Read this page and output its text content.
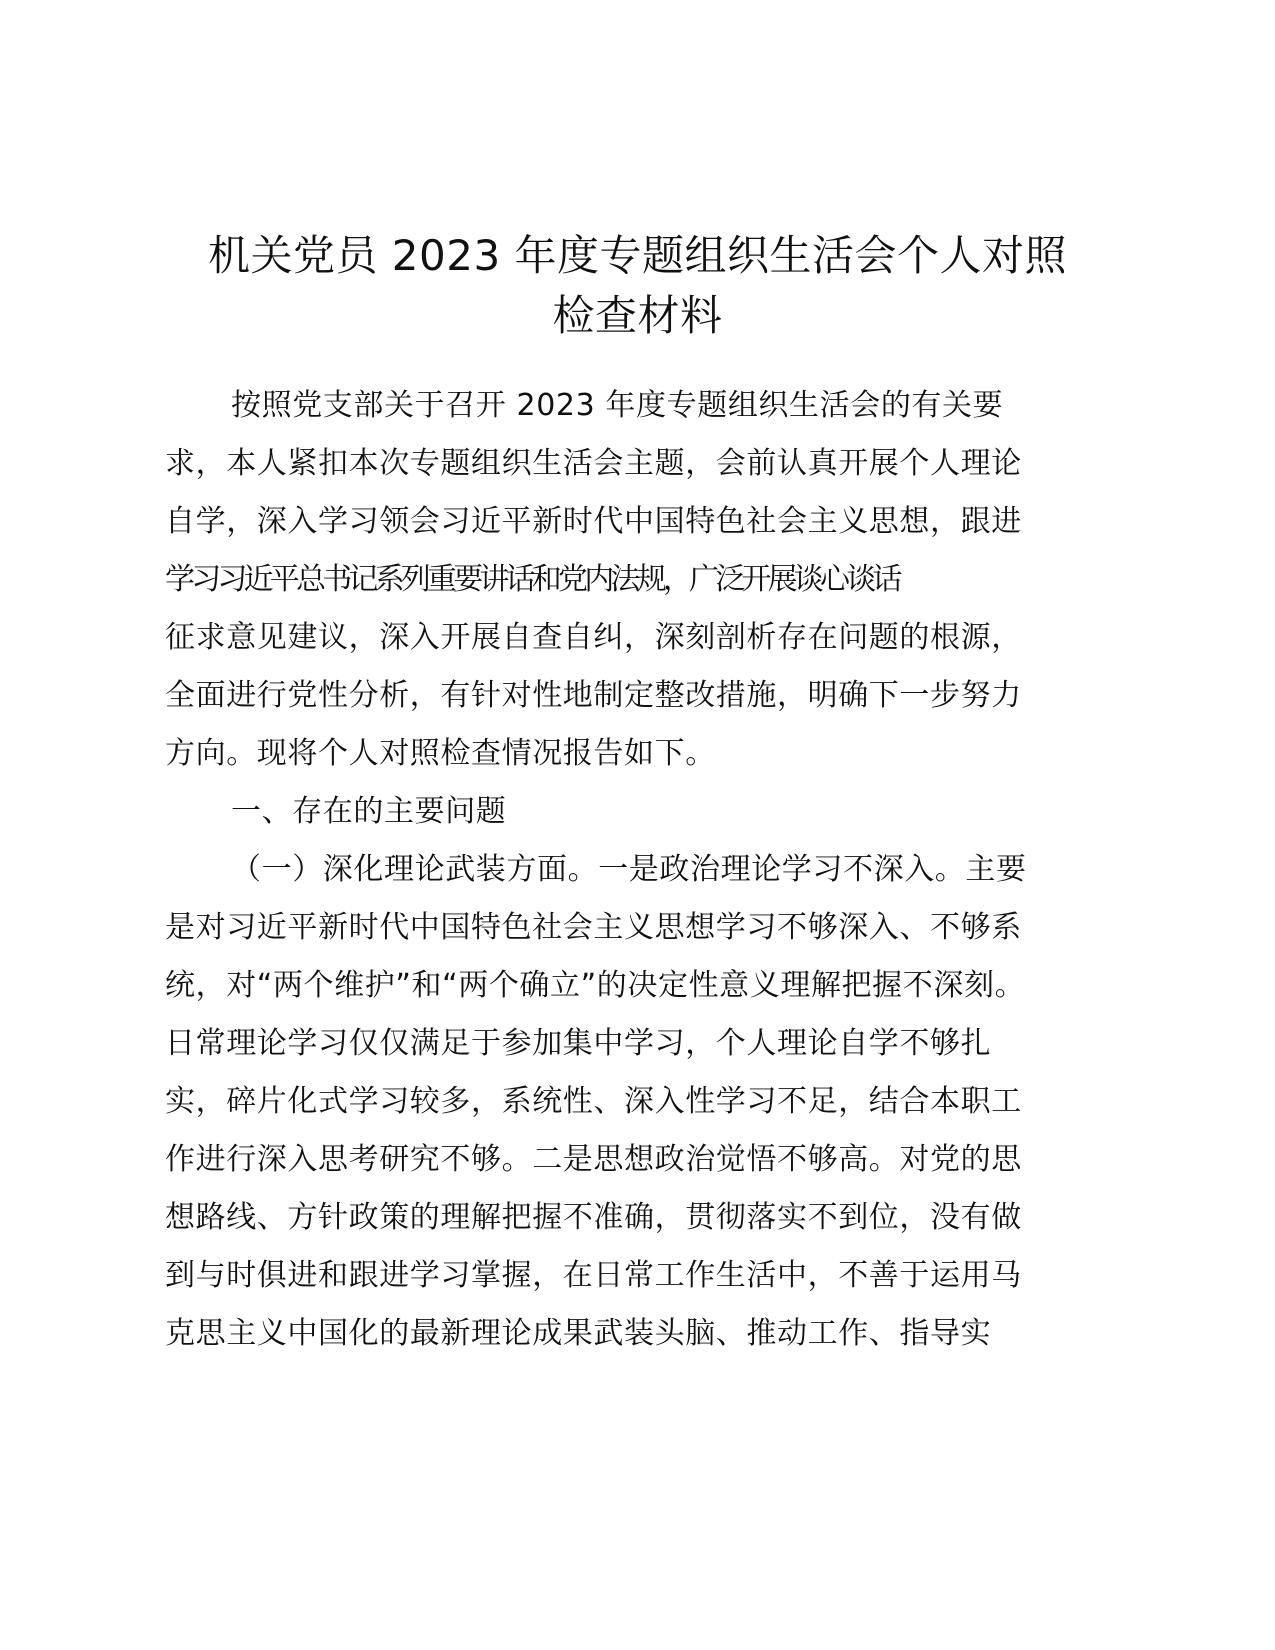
机关党员 2023 年度专题组织生活会个人对照
检查材料
按照党支部关于召开 2023 年度专题组织生活会的有关要
求，本人紧扣本次专题组织生活会主题，会前认真开展个人理论
自学，深入学习领会习近平新时代中国特色社会主义思想，跟进
学习习近平总书记系列重要讲话和党内法规，广泛开展谈心谈话
征求意见建议，深入开展自查自纠，深刻剖析存在问题的根源，
全面进行党性分析，有针对性地制定整改措施，明确下一步努力
方向。现将个人对照检查情况报告如下。
一、存在的主要问题
（一）深化理论武装方面。一是政治理论学习不深入。主要
是对习近平新时代中国特色社会主义思想学习不够深入、不够系
统，对“两个维护”和“两个确立”的决定性意义理解把握不深刻。
日常理论学习仅仅满足于参加集中学习，个人理论自学不够扎
实，碎片化式学习较多，系统性、深入性学习不足，结合本职工
作进行深入思考研究不够。二是思想政治觉悟不够高。对党的思
想路线、方针政策的理解把握不准确，贯彻落实不到位，没有做
到与时俱进和跟进学习掌握，在日常工作生活中，不善于运用马
克思主义中国化的最新理论成果武装头脑、推动工作、指导实
